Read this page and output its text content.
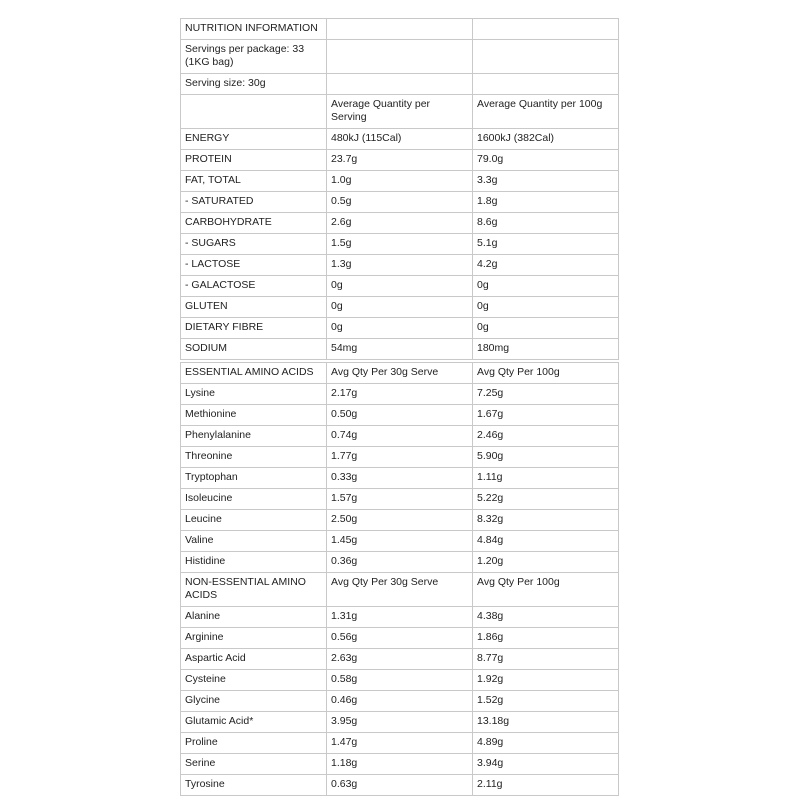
NUTRITION INFORMATION		
Servings per package: 33 (1KG bag)		
Serving size: 30g		
	Average Quantity per Serving	Average Quantity per 100g
ENERGY	480kJ (115Cal)	1600kJ (382Cal)
PROTEIN	23.7g	79.0g
FAT, TOTAL	1.0g	3.3g
- SATURATED	0.5g	1.8g
CARBOHYDRATE	2.6g	8.6g
- SUGARS	1.5g	5.1g
- LACTOSE	1.3g	4.2g
- GALACTOSE	0g	0g
GLUTEN	0g	0g
DIETARY FIBRE	0g	0g
SODIUM	54mg	180mg
ESSENTIAL AMINO ACIDS	Avg Qty Per 30g Serve	Avg Qty Per 100g
Lysine	2.17g	7.25g
Methionine	0.50g	1.67g
Phenylalanine	0.74g	2.46g
Threonine	1.77g	5.90g
Tryptophan	0.33g	1.11g
Isoleucine	1.57g	5.22g
Leucine	2.50g	8.32g
Valine	1.45g	4.84g
Histidine	0.36g	1.20g
NON-ESSENTIAL AMINO ACIDS	Avg Qty Per 30g Serve	Avg Qty Per 100g
Alanine	1.31g	4.38g
Arginine	0.56g	1.86g
Aspartic Acid	2.63g	8.77g
Cysteine	0.58g	1.92g
Glycine	0.46g	1.52g
Glutamic Acid*	3.95g	13.18g
Proline	1.47g	4.89g
Serine	1.18g	3.94g
Tyrosine	0.63g	2.11g
